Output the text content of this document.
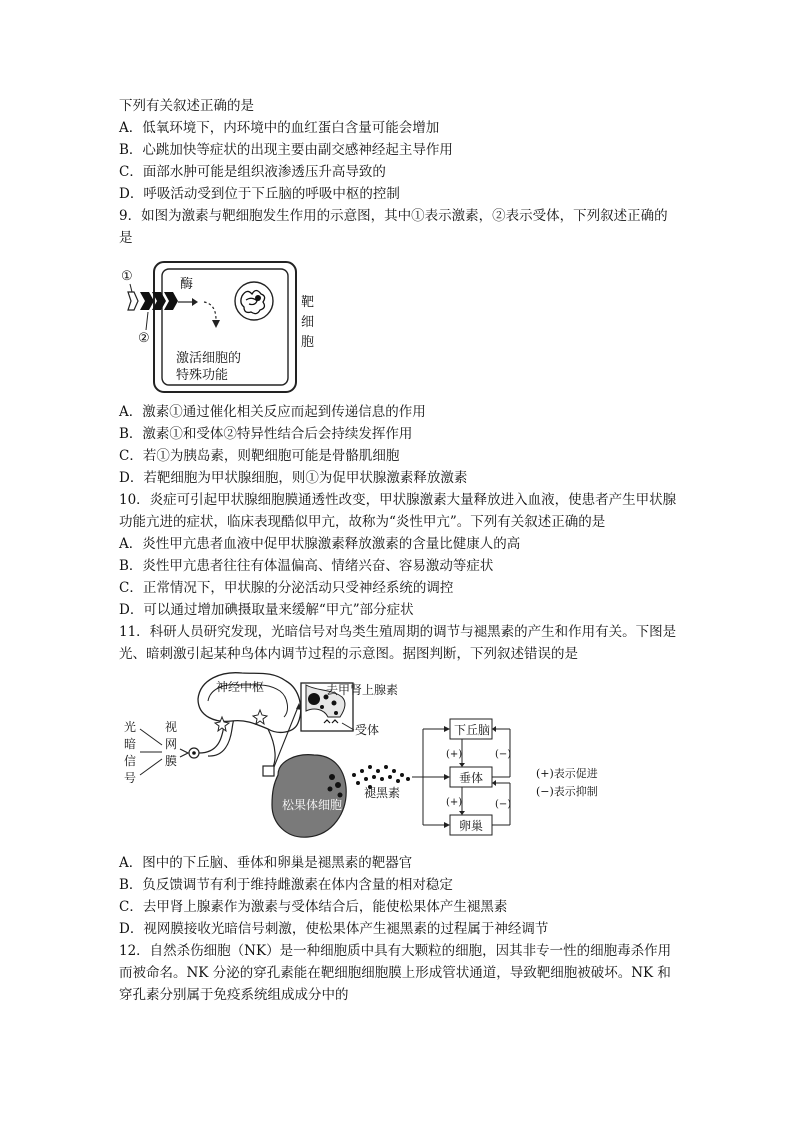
下列有关叙述正确的是
A．低氧环境下，内环境中的血红蛋白含量可能会增加
B．心跳加快等症状的出现主要由副交感神经起主导作用
C．面部水肿可能是组织液渗透压升高导致的
D．呼吸活动受到位于下丘脑的呼吸中枢的控制
9．如图为激素与靶细胞发生作用的示意图，其中①表示激素，②表示受体，下列叙述正确的是
①
②
酶
激活细胞的
特殊功能
靶
细
胞
A．激素①通过催化相关反应而起到传递信息的作用
B．激素①和受体②特异性结合后会持续发挥作用
C．若①为胰岛素，则靶细胞可能是骨骼肌细胞
D．若靶细胞为甲状腺细胞，则①为促甲状腺激素释放激素
10．炎症可引起甲状腺细胞膜通透性改变，甲状腺激素大量释放进入血液，使患者产生甲状腺功能亢进的症状，临床表现酷似甲亢，故称为“炎性甲亢”。下列有关叙述正确的是
A．炎性甲亢患者血液中促甲状腺激素释放激素的含量比健康人的高
B．炎性甲亢患者往往有体温偏高、情绪兴奋、容易激动等症状
C．正常情况下，甲状腺的分泌活动只受神经系统的调控
D．可以通过增加碘摄取量来缓解“甲亢”部分症状
11．科研人员研究发现，光暗信号对鸟类生殖周期的调节与褪黑素的产生和作用有关。下图是光、暗刺激引起某种鸟体内调节过程的示意图。据图判断，下列叙述错误的是
光
暗
信
号
视
网
膜
神经中枢	去甲肾上腺素
受体
松果体细胞
褪黑素
下丘脑
垂体
卵巢
(+)
(+)
(−)
(−)
(+)表示促进
(−)表示抑制
A．图中的下丘脑、垂体和卵巢是褪黑素的靶器官
B．负反馈调节有利于维持雌激素在体内含量的相对稳定
C．去甲肾上腺素作为激素与受体结合后，能使松果体产生褪黑素
D．视网膜接收光暗信号刺激，使松果体产生褪黑素的过程属于神经调节
12．自然杀伤细胞（NK）是一种细胞质中具有大颗粒的细胞，因其非专一性的细胞毒杀作用而被命名。NK 分泌的穿孔素能在靶细胞细胞膜上形成管状通道，导致靶细胞被破坏。NK 和穿孔素分别属于免疫系统组成成分中的
